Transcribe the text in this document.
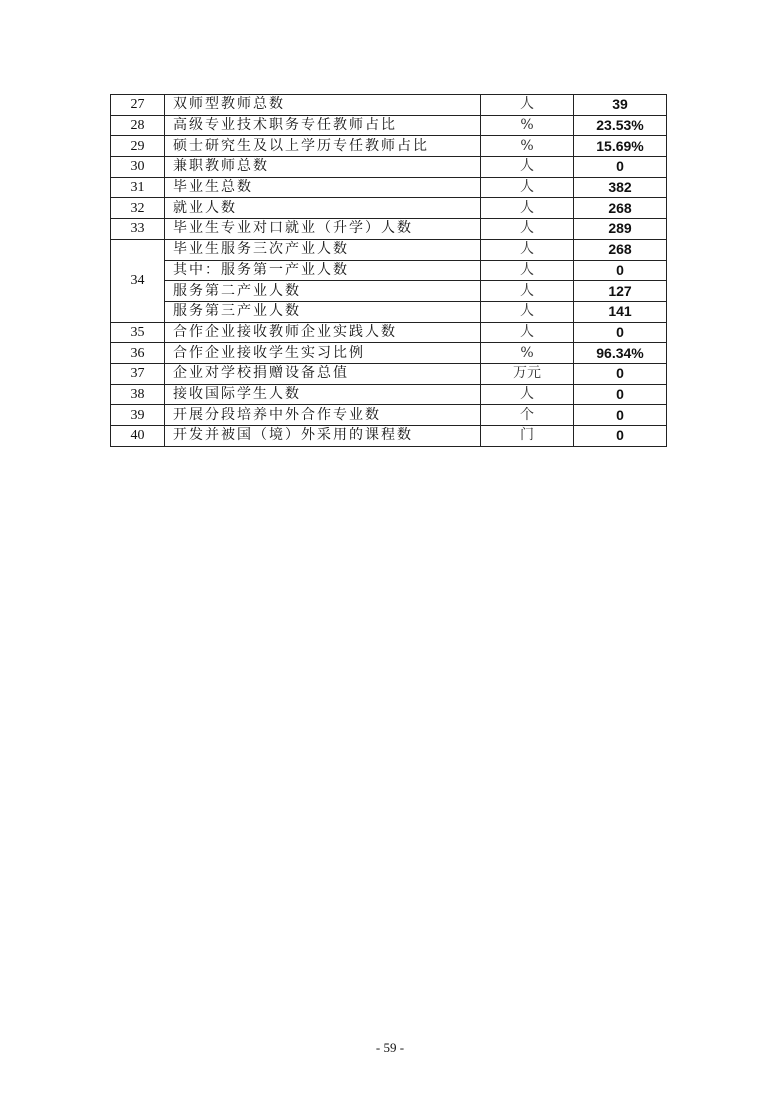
27	双师型教师总数	人	39
28	高级专业技术职务专任教师占比	%	23.53%
29	硕士研究生及以上学历专任教师占比	%	15.69%
30	兼职教师总数	人	0
31	毕业生总数	人	382
32	就业人数	人	268
33	毕业生专业对口就业（升学）人数	人	289
34	毕业生服务三次产业人数	人	268
	其中：服务第一产业人数	人	0
	服务第二产业人数	人	127
	服务第三产业人数	人	141
35	合作企业接收教师企业实践人数	人	0
36	合作企业接收学生实习比例	%	96.34%
37	企业对学校捐赠设备总值	万元	0
38	接收国际学生人数	人	0
39	开展分段培养中外合作专业数	个	0
40	开发并被国（境）外采用的课程数	门	0
- 59 -
